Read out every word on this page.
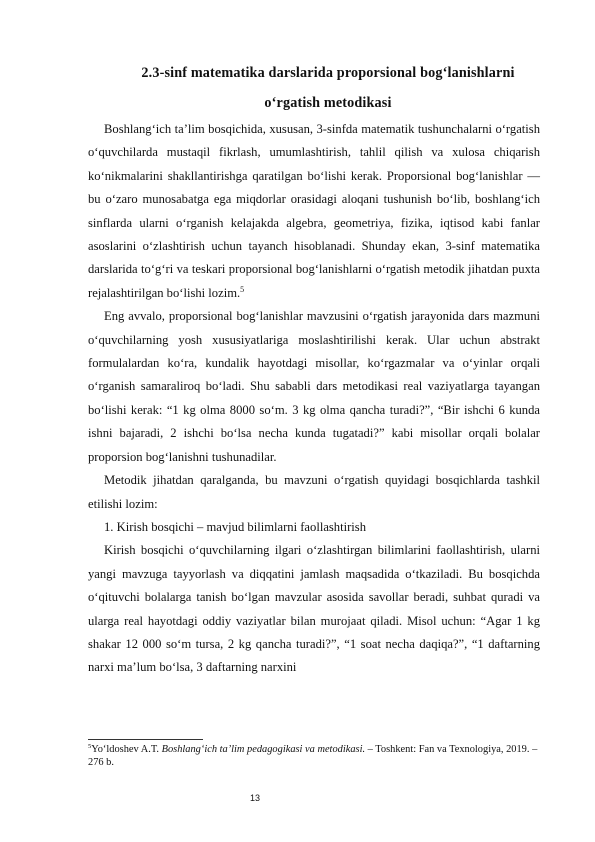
2.3-sinf matematika darslarida proporsional bog‘lanishlarni
o‘rgatish metodikasi

Boshlang‘ich ta’lim bosqichida, xususan, 3-sinfda matematik tushunchalarni o‘rgatish o‘quvchilarda mustaqil fikrlash, umumlashtirish, tahlil qilish va xulosa chiqarish ko‘nikmalarini shakllantirishga qaratilgan bo‘lishi kerak. Proporsional bog‘lanishlar — bu o‘zaro munosabatga ega miqdorlar orasidagi aloqani tushunish bo‘lib, boshlang‘ich sinflarda ularni o‘rganish kelajakda algebra, geometriya, fizika, iqtisod kabi fanlar asoslarini o‘zlashtirish uchun tayanch hisoblanadi. Shunday ekan, 3-sinf matematika darslarida to‘g‘ri va teskari proporsional bog‘lanishlarni o‘rgatish metodik jihatdan puxta rejalashtirilgan bo‘lishi lozim.$^5$

Eng avvalo, proporsional bog‘lanishlar mavzusini o‘rgatish jarayonida dars mazmuni o‘quvchilarning yosh xususiyatlariga moslashtirilishi kerak. Ular uchun abstrakt formulalardan ko‘ra, kundalik hayotdagi misollar, ko‘rgazmalar va o‘yinlar orqali o‘rganish samaraliroq bo‘ladi. Shu sababli dars metodikasi real vaziyatlarga tayangan bo‘lishi kerak: “1 kg olma 8000 so‘m. 3 kg olma qancha turadi?”, “Bir ishchi 6 kunda ishni bajaradi, 2 ishchi bo‘lsa necha kunda tugatadi?” kabi misollar orqali bolalar proporsion bog‘lanishni tushunadilar.

Metodik jihatdan qaralganda, bu mavzuni o‘rgatish quyidagi bosqichlarda tashkil etilishi lozim:

1. Kirish bosqichi – mavjud bilimlarni faollashtirish

Kirish bosqichi o‘quvchilarning ilgari o‘zlashtirgan bilimlarini faollashtirish, ularni yangi mavzuga tayyorlash va diqqatini jamlash maqsadida o‘tkaziladi. Bu bosqichda o‘qituvchi bolalarga tanish bo‘lgan mavzular asosida savollar beradi, suhbat quradi va ularga real hayotdagi oddiy vaziyatlar bilan murojaat qiladi. Misol uchun: “Agar 1 kg shakar 12 000 so‘m tursa, 2 kg qancha turadi?”, “1 soat necha daqiqa?”, “1 daftarning narxi ma’lum bo‘lsa, 3 daftarning narxini

$^5$Yo‘ldoshev A.T. Boshlang‘ich ta’lim pedagogikasi va metodikasi. – Toshkent: Fan va Texnologiya, 2019. – 276 b.
13
